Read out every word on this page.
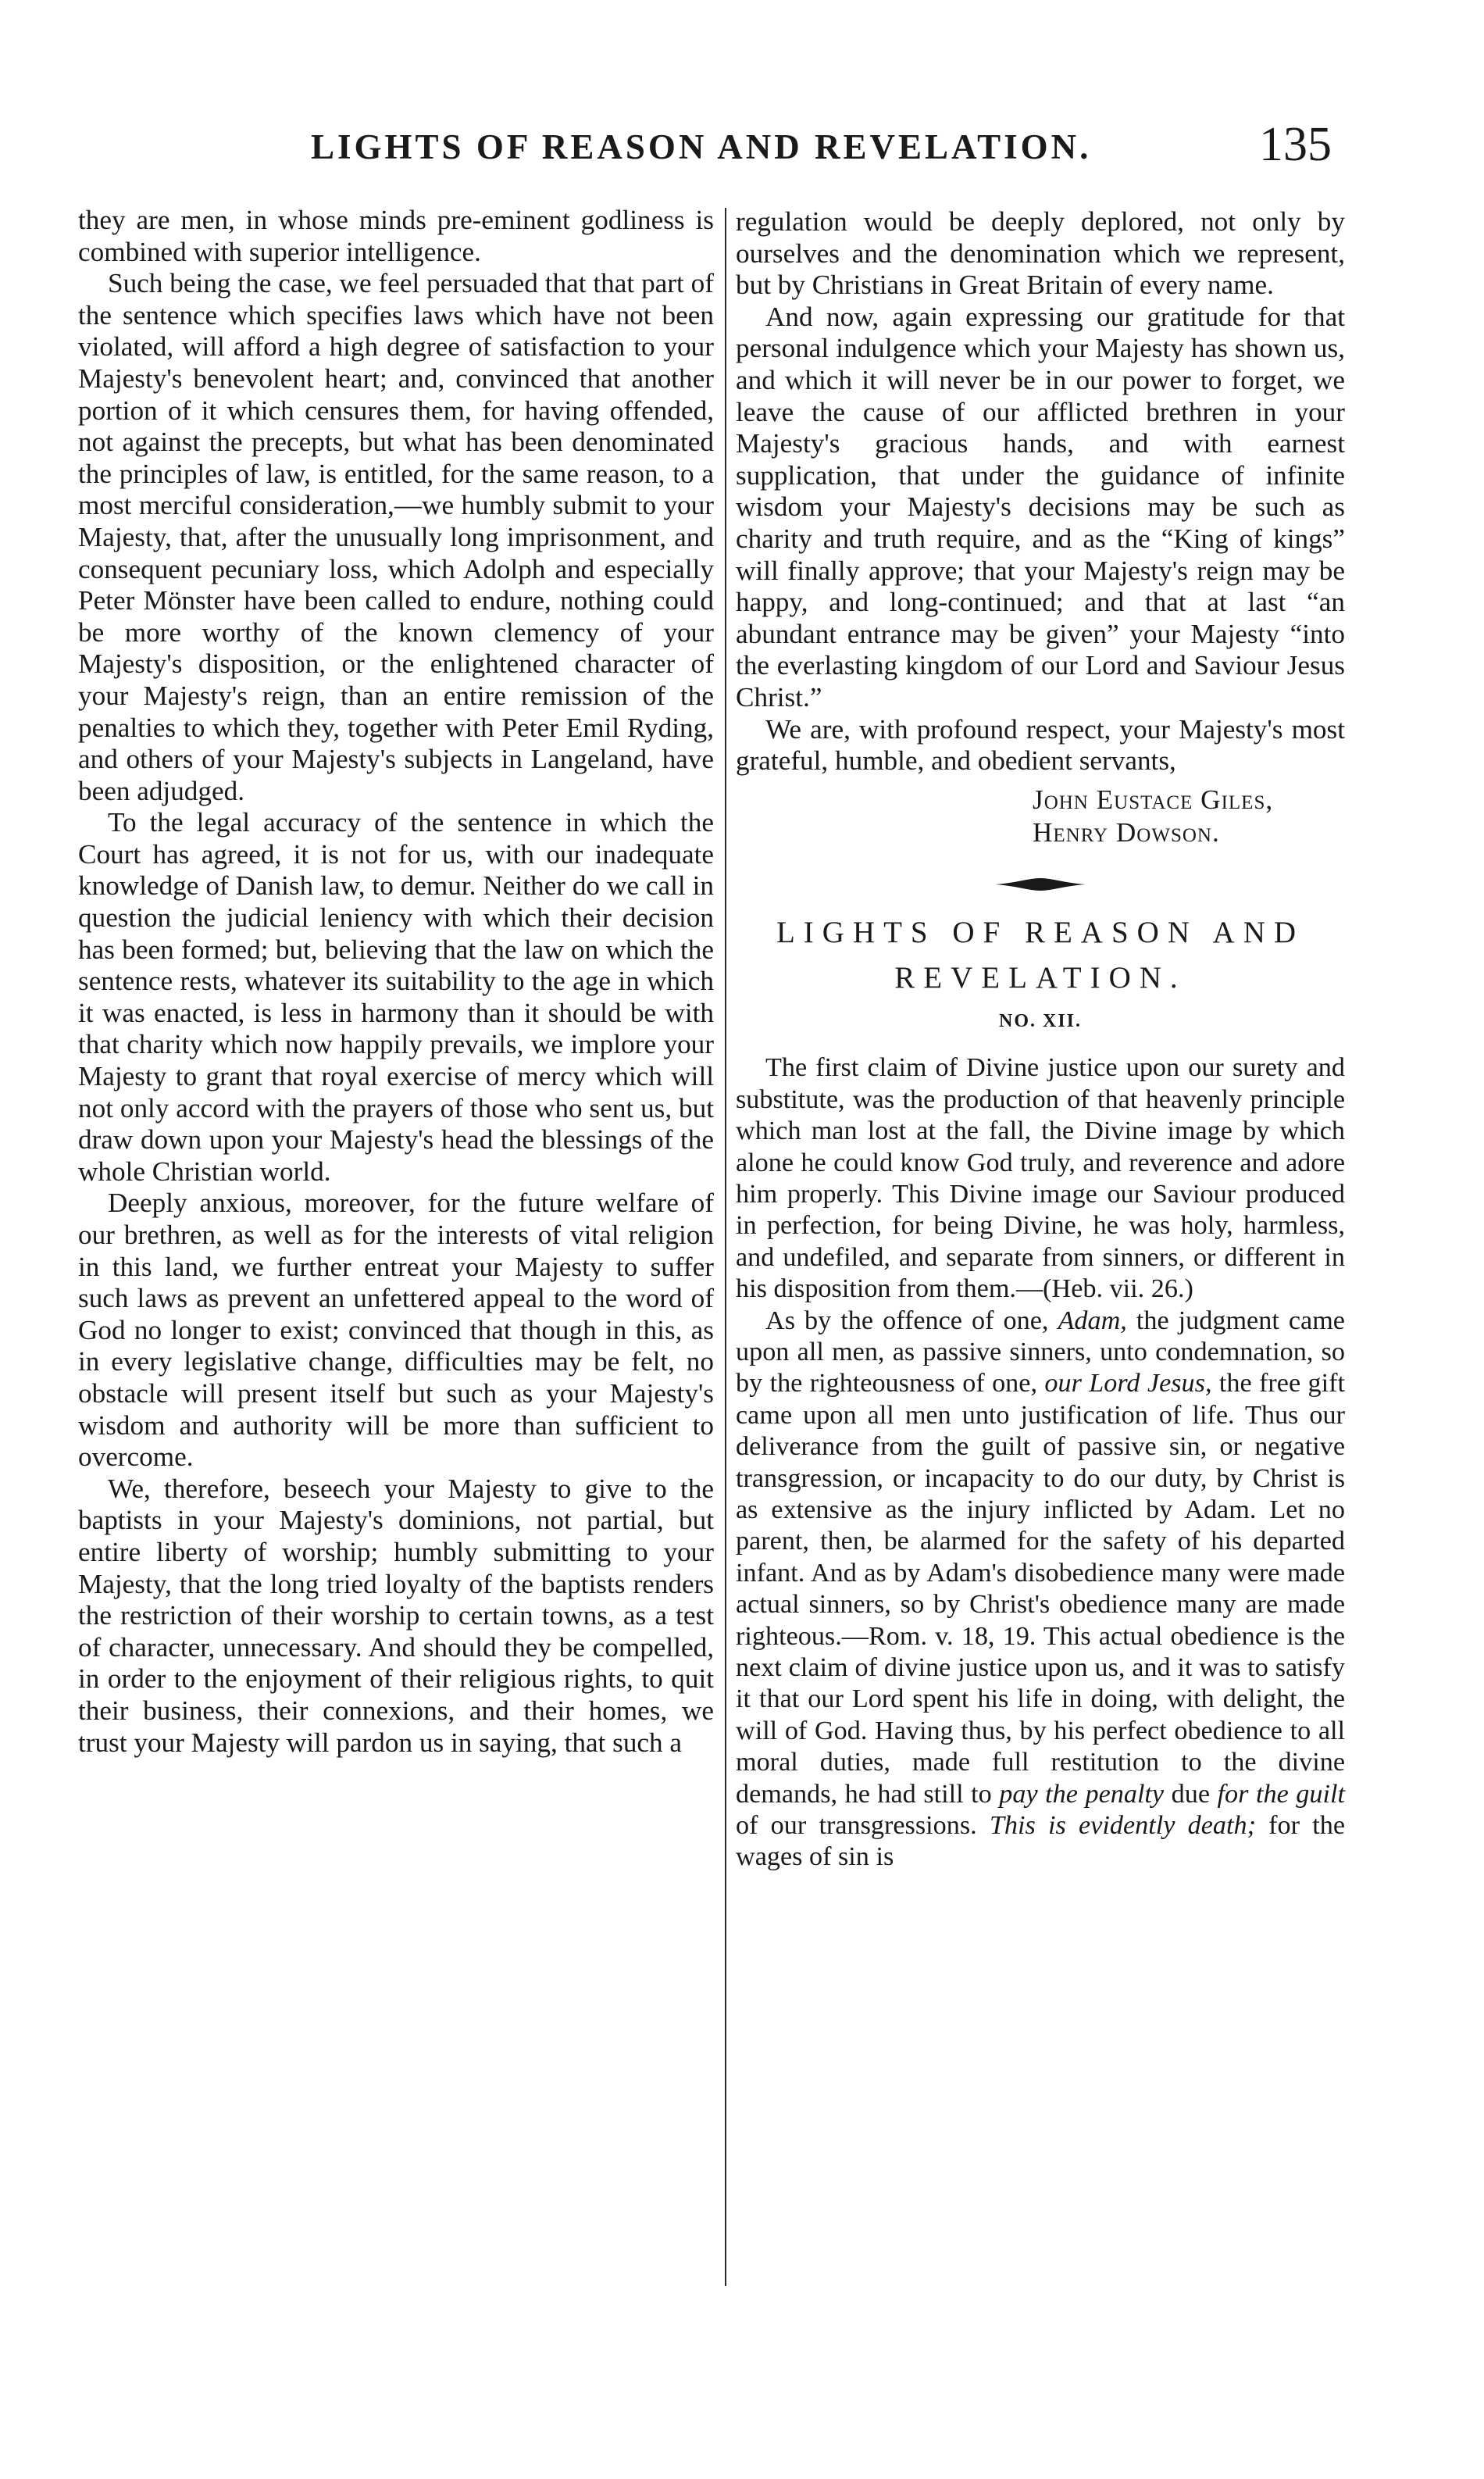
LIGHTS OF REASON AND REVELATION.	135

they are men, in whose minds pre-eminent godliness is combined with superior intelligence.

Such being the case, we feel persuaded that that part of the sentence which specifies laws which have not been violated, will afford a high degree of satisfaction to your Majesty's benevolent heart; and, convinced that another portion of it which censures them, for having offended, not against the precepts, but what has been denominated the principles of law, is entitled, for the same reason, to a most merciful consideration,—we humbly submit to your Majesty, that, after the unusually long imprisonment, and consequent pecuniary loss, which Adolph and especially Peter Mönster have been called to endure, nothing could be more worthy of the known clemency of your Majesty's disposition, or the enlightened character of your Majesty's reign, than an entire remission of the penalties to which they, together with Peter Emil Ryding, and others of your Majesty's subjects in Langeland, have been adjudged.

To the legal accuracy of the sentence in which the Court has agreed, it is not for us, with our inadequate knowledge of Danish law, to demur. Neither do we call in question the judicial leniency with which their decision has been formed; but, believing that the law on which the sentence rests, whatever its suitability to the age in which it was enacted, is less in harmony than it should be with that charity which now happily prevails, we implore your Majesty to grant that royal exercise of mercy which will not only accord with the prayers of those who sent us, but draw down upon your Majesty's head the blessings of the whole Christian world.

Deeply anxious, moreover, for the future welfare of our brethren, as well as for the interests of vital religion in this land, we further entreat your Majesty to suffer such laws as prevent an unfettered appeal to the word of God no longer to exist; convinced that though in this, as in every legislative change, difficulties may be felt, no obstacle will present itself but such as your Majesty's wisdom and authority will be more than sufficient to overcome.

We, therefore, beseech your Majesty to give to the baptists in your Majesty's dominions, not partial, but entire liberty of worship; humbly submitting to your Majesty, that the long tried loyalty of the baptists renders the restriction of their worship to certain towns, as a test of character, unnecessary. And should they be compelled, in order to the enjoyment of their religious rights, to quit their business, their connexions, and their homes, we trust your Majesty will pardon us in saying, that such a

regulation would be deeply deplored, not only by ourselves and the denomination which we represent, but by Christians in Great Britain of every name.

And now, again expressing our gratitude for that personal indulgence which your Majesty has shown us, and which it will never be in our power to forget, we leave the cause of our afflicted brethren in your Majesty's gracious hands, and with earnest supplication, that under the guidance of infinite wisdom your Majesty's decisions may be such as charity and truth require, and as the “King of kings” will finally approve; that your Majesty's reign may be happy, and long-continued; and that at last “an abundant entrance may be given” your Majesty “into the everlasting kingdom of our Lord and Saviour Jesus Christ.”

We are, with profound respect, your Majesty's most grateful, humble, and obedient servants,

John Eustace Giles,
Henry Dowson.
LIGHTS OF REASON AND
REVELATION.
NO. XII.

The first claim of Divine justice upon our surety and substitute, was the production of that heavenly principle which man lost at the fall, the Divine image by which alone he could know God truly, and reverence and adore him properly. This Divine image our Saviour produced in perfection, for being Divine, he was holy, harmless, and undefiled, and separate from sinners, or different in his disposition from them.—(Heb. vii. 26.)

As by the offence of one, Adam, the judgment came upon all men, as passive sinners, unto condemnation, so by the righteousness of one, our Lord Jesus, the free gift came upon all men unto justification of life. Thus our deliverance from the guilt of passive sin, or negative transgression, or incapacity to do our duty, by Christ is as extensive as the injury inflicted by Adam. Let no parent, then, be alarmed for the safety of his departed infant. And as by Adam's disobedience many were made actual sinners, so by Christ's obedience many are made righteous.—Rom. v. 18, 19. This actual obedience is the next claim of divine justice upon us, and it was to satisfy it that our Lord spent his life in doing, with delight, the will of God. Having thus, by his perfect obedience to all moral duties, made full restitution to the divine demands, he had still to pay the penalty due for the guilt of our transgressions. This is evidently death; for the wages of sin is
